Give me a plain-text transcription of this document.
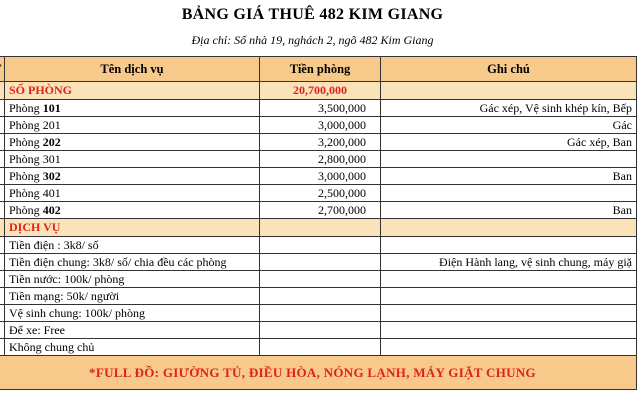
BẢNG GIÁ THUÊ 482 KIM GIANG
Địa chỉ: Số nhà 19, nghách 2, ngõ 482 Kim Giang
	Tên dịch vụ	Tiền phòng	Ghi chú
	SỐ PHÒNG	20,700,000	
	Phòng 101	3,500,000	Gác xép, Vệ sinh khép kín, Bếp
	Phòng 201	3,000,000	Gác
	Phòng 202	3,200,000	Gác xép, Ban
	Phòng 301	2,800,000	
	Phòng 302	3,000,000	Ban
	Phòng 401	2,500,000	
	Phòng 402	2,700,000	Ban
	DỊCH VỤ		
	Tiền điện : 3k8/ số		
	Tiền điện chung: 3k8/ số/ chia đều các phòng		Điện Hành lang, vệ sinh chung, máy giặ
	Tiền nước: 100k/ phòng		
	Tiền mạng: 50k/ người		
	Vệ sinh chung: 100k/ phòng		
	Để xe: Free		
	Không chung chủ		
*FULL ĐỒ: GIƯỜNG TỦ, ĐIỀU HÒA, NÓNG LẠNH, MÁY GIẶT CHUNG			
